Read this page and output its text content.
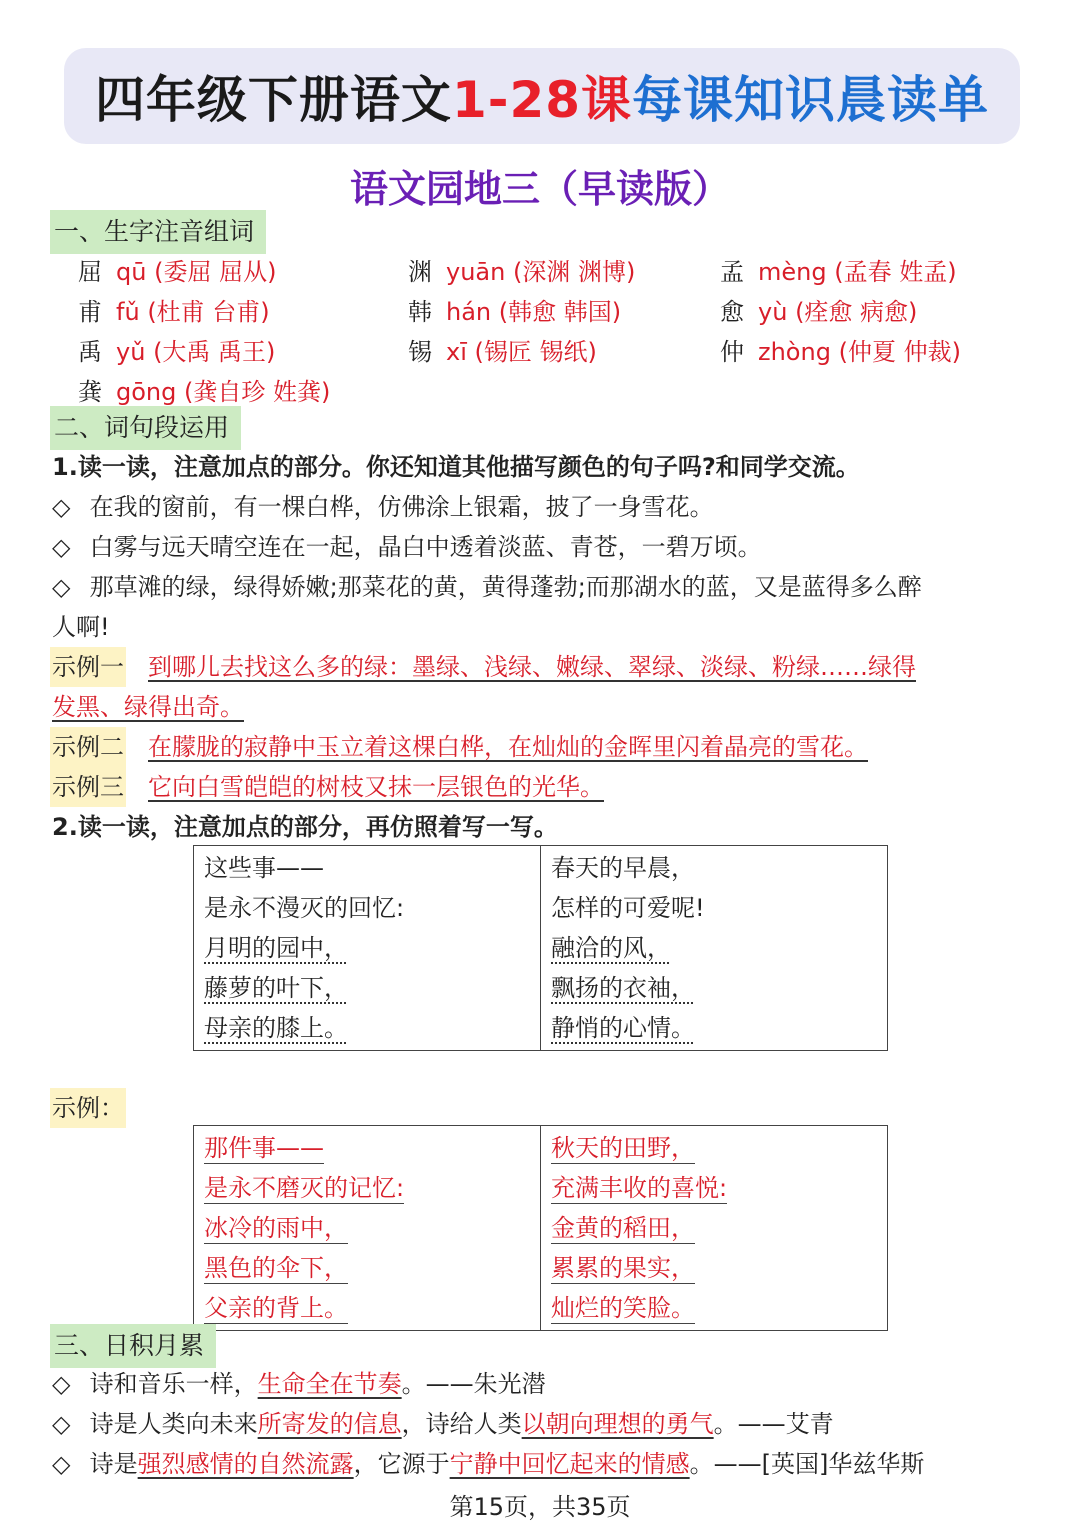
四年级下册语文 1-28课 每课知识晨读单
语文园地三（早读版）
一、生字注音组词
屈 qū (委屈 屈从)	渊 yuān (深渊 渊博)	孟 mèng (孟春 姓孟)
甫 fǔ (杜甫 台甫)	韩 hán (韩愈 韩国)	愈 yù (痊愈 病愈)
禹 yǔ (大禹 禹王)	锡 xī (锡匠 锡纸)	仲 zhòng (仲夏 仲裁)
龚 gōng (龚自珍 姓龚)
二、词句段运用
1.读一读，注意加点的部分。你还知道其他描写颜色的句子吗?和同学交流。
◇ 在我的窗前，有一棵白桦，仿佛涂上银霜，披了一身雪花。
◇ 白雾与远天晴空连在一起，晶白中透着淡蓝、青苍，一碧万顷。
◇ 那草滩的绿，绿得娇嫩;那菜花的黄，黄得蓬勃;而那湖水的蓝，又是蓝得多么醉
人啊!
示例一 到哪儿去找这么多的绿：墨绿、浅绿、嫩绿、翠绿、淡绿、粉绿……绿得
发黑、绿得出奇。
示例二 在朦胧的寂静中玉立着这棵白桦，在灿灿的金晖里闪着晶亮的雪花。
示例三 它向白雪皑皑的树枝又抹一层银色的光华。
2.读一读，注意加点的部分，再仿照着写一写。
这些事——
是永不漫灭的回忆:
月明的园中，
藤萝的叶下，
母亲的膝上。

春天的早晨，
怎样的可爱呢!
融洽的风，
飘扬的衣袖，
静悄的心情。
示例：
那件事——
是永不磨灭的记忆:
冰冷的雨中，
黑色的伞下，
父亲的背上。

秋天的田野，
充满丰收的喜悦:
金黄的稻田，
累累的果实，
灿烂的笑脸。
三、日积月累
◇ 诗和音乐一样，生命全在节奏。——朱光潜
◇ 诗是人类向未来所寄发的信息，诗给人类以朝向理想的勇气。——艾青
◇ 诗是强烈感情的自然流露，它源于宁静中回忆起来的情感。——[英国]华兹华斯
第15页，共35页
